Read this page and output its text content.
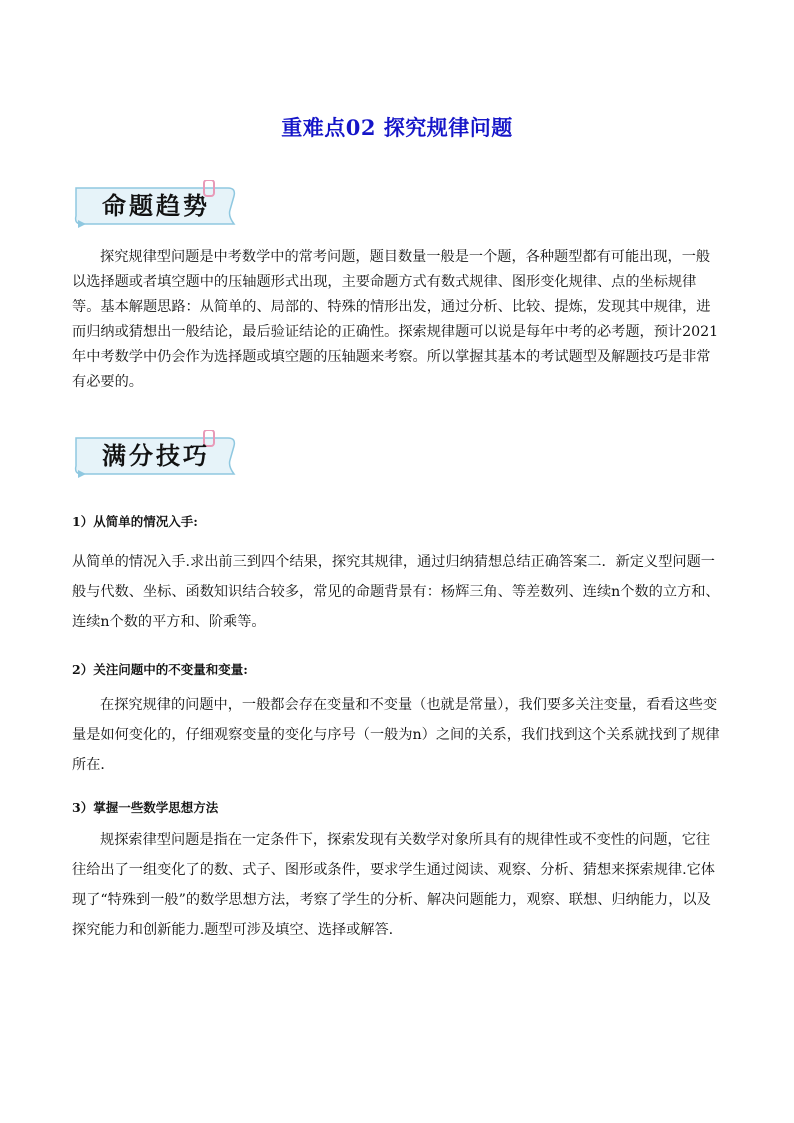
重难点02 探究规律问题
命题趋势

探究规律型问题是中考数学中的常考问题，题目数量一般是一个题，各种题型都有可能出现，一般以选择题或者填空题中的压轴题形式出现，主要命题方式有数式规律、图形变化规律、点的坐标规律等。基本解题思路：从简单的、局部的、特殊的情形出发，通过分析、比较、提炼，发现其中规律，进而归纳或猜想出一般结论，最后验证结论的正确性。探索规律题可以说是每年中考的必考题，预计2021年中考数学中仍会作为选择题或填空题的压轴题来考察。所以掌握其基本的考试题型及解题技巧是非常有必要的。

满分技巧

1）从简单的情况入手:

从简单的情况入手.求出前三到四个结果，探究其规律，通过归纳猜想总结正确答案二．新定义型问题一般与代数、坐标、函数知识结合较多，常见的命题背景有：杨辉三角、等差数列、连续n个数的立方和、连续n个数的平方和、阶乘等。

2）关注问题中的不变量和变量:

在探究规律的问题中，一般都会存在变量和不变量（也就是常量），我们要多关注变量，看看这些变量是如何变化的，仔细观察变量的变化与序号（一般为n）之间的关系，我们找到这个关系就找到了规律所在．

3）掌握一些数学思想方法

规探索律型问题是指在一定条件下，探索发现有关数学对象所具有的规律性或不变性的问题，它往往给出了一组变化了的数、式子、图形或条件，要求学生通过阅读、观察、分析、猜想来探索规律.它体现了“特殊到一般”的数学思想方法，考察了学生的分析、解决问题能力，观察、联想、归纳能力，以及探究能力和创新能力.题型可涉及填空、选择或解答.
